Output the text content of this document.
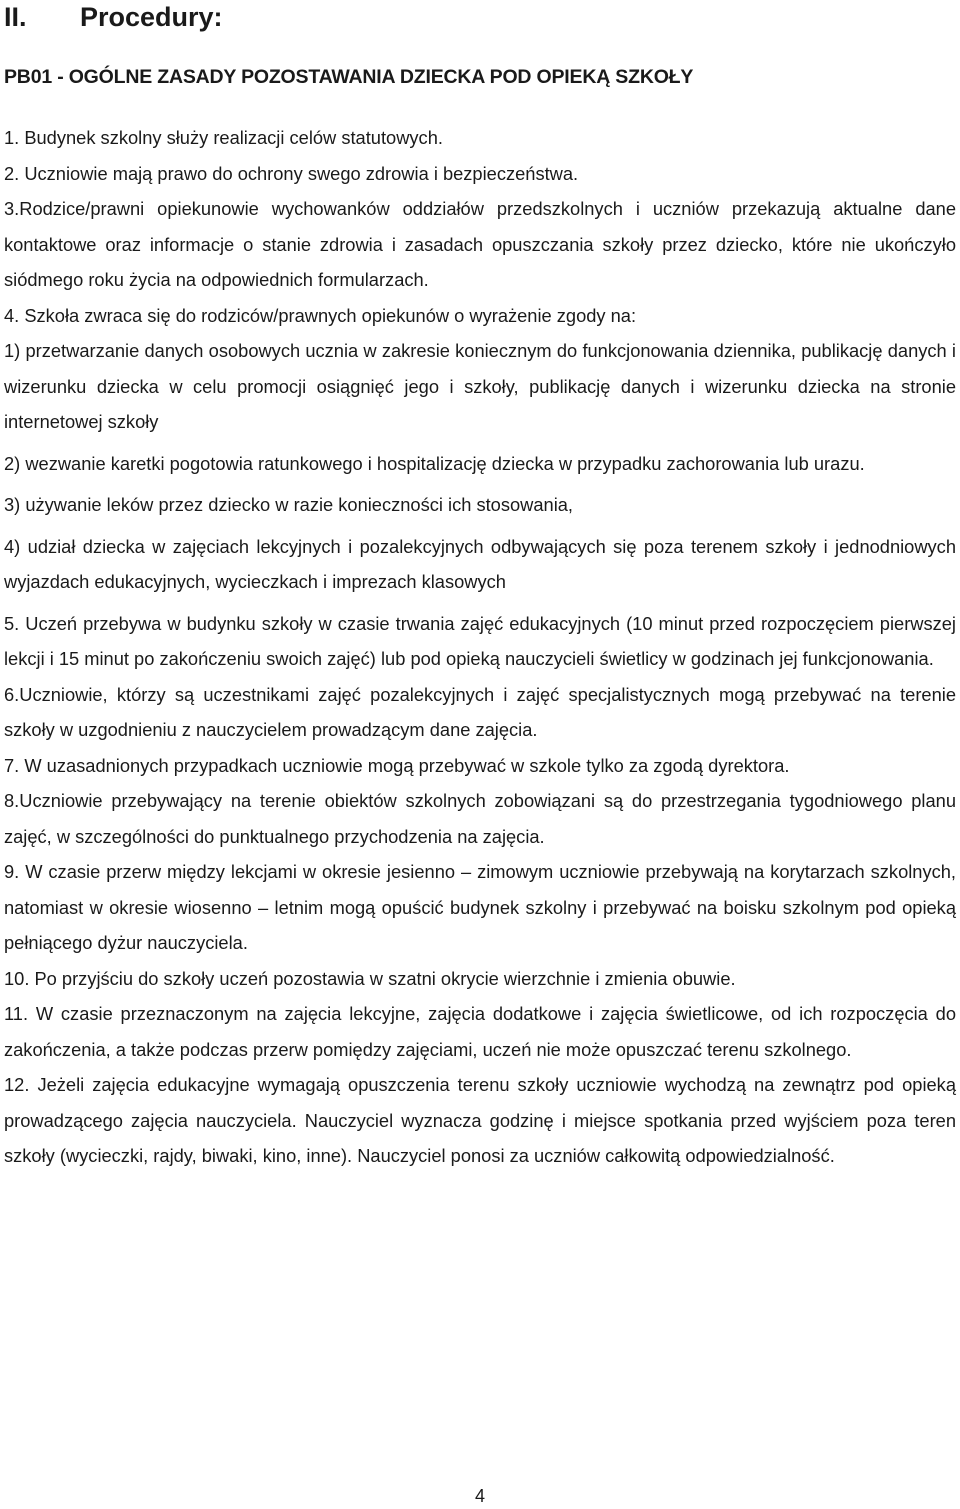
II. Procedury:
PB01 - OGÓLNE ZASADY POZOSTAWANIA DZIECKA POD OPIEKĄ SZKOŁY

1. Budynek szkolny służy realizacji celów statutowych.

2. Uczniowie mają prawo do ochrony swego zdrowia i bezpieczeństwa.

3.Rodzice/prawni opiekunowie wychowanków oddziałów przedszkolnych i uczniów przekazują aktualne dane kontaktowe oraz informacje o stanie zdrowia i zasadach opuszczania szkoły przez dziecko, które nie ukończyło siódmego roku życia na odpowiednich formularzach.

4. Szkoła zwraca się do rodziców/prawnych opiekunów o wyrażenie zgody na:

1) przetwarzanie danych osobowych ucznia w zakresie koniecznym do funkcjonowania dziennika, publikację danych i wizerunku dziecka w celu promocji osiągnięć jego i szkoły, publikację danych i wizerunku dziecka na stronie internetowej szkoły

2) wezwanie karetki pogotowia ratunkowego i hospitalizację dziecka w przypadku zachorowania lub urazu.

3) używanie leków przez dziecko w razie konieczności ich stosowania,

4) udział dziecka w zajęciach lekcyjnych i pozalekcyjnych odbywających się poza terenem szkoły i jednodniowych wyjazdach edukacyjnych, wycieczkach i imprezach klasowych

5. Uczeń przebywa w budynku szkoły w czasie trwania zajęć edukacyjnych (10 minut przed rozpoczęciem pierwszej lekcji i 15 minut po zakończeniu swoich zajęć) lub pod opieką nauczycieli świetlicy w godzinach jej funkcjonowania.

6.Uczniowie, którzy są uczestnikami zajęć pozalekcyjnych i zajęć specjalistycznych mogą przebywać na terenie szkoły w uzgodnieniu z nauczycielem prowadzącym dane zajęcia.

7. W uzasadnionych przypadkach uczniowie mogą przebywać w szkole tylko za zgodą dyrektora.

8.Uczniowie przebywający na terenie obiektów szkolnych zobowiązani są do przestrzegania tygodniowego planu zajęć, w szczególności do punktualnego przychodzenia na zajęcia.

9. W czasie przerw między lekcjami w okresie jesienno – zimowym uczniowie przebywają na korytarzach szkolnych, natomiast w okresie wiosenno – letnim mogą opuścić budynek szkolny i przebywać na boisku szkolnym pod opieką pełniącego dyżur nauczyciela.

10. Po przyjściu do szkoły uczeń pozostawia w szatni okrycie wierzchnie i zmienia obuwie.

11. W czasie przeznaczonym na zajęcia lekcyjne, zajęcia dodatkowe i zajęcia świetlicowe, od ich rozpoczęcia do zakończenia, a także podczas przerw pomiędzy zajęciami, uczeń nie może opuszczać terenu szkolnego.

12. Jeżeli zajęcia edukacyjne wymagają opuszczenia terenu szkoły uczniowie wychodzą na zewnątrz pod opieką prowadzącego zajęcia nauczyciela. Nauczyciel wyznacza godzinę i miejsce spotkania przed wyjściem poza teren szkoły (wycieczki, rajdy, biwaki, kino, inne). Nauczyciel ponosi za uczniów całkowitą odpowiedzialność.

4
